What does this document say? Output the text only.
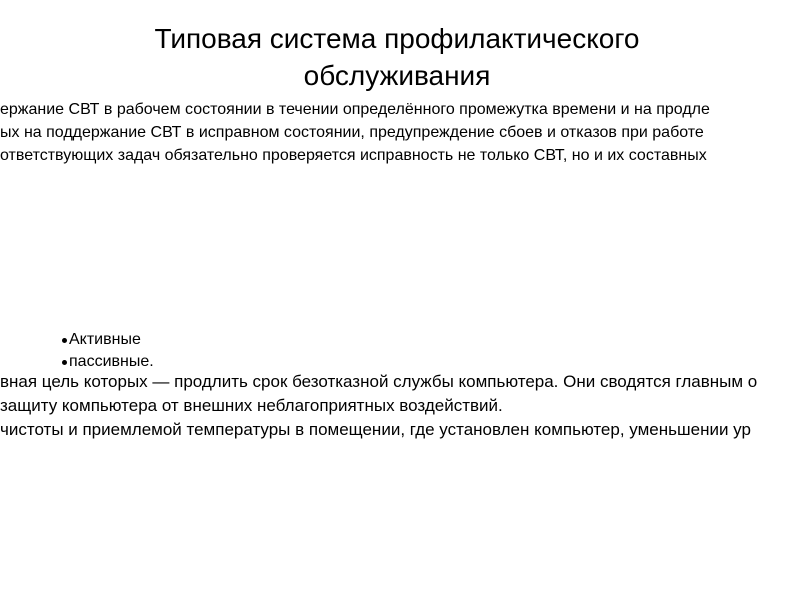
Типовая система профилактического
обслуживания

ержание СВТ в рабочем состоянии в течении определённого промежутка времени и на продле

ых на поддержание СВТ в исправном состоянии, предупреждение сбоев и отказов при работе

ответствующих задач обязательно проверяется исправность не только СВТ, но и их составных

Активные
пассивные.

вная цель которых — продлить срок безотказной службы компьютера. Они сводятся главным о

защиту компьютера от внешних неблагоприятных воздействий.

чистоты и приемлемой температуры в помещении, где установлен компьютер, уменьшении ур
